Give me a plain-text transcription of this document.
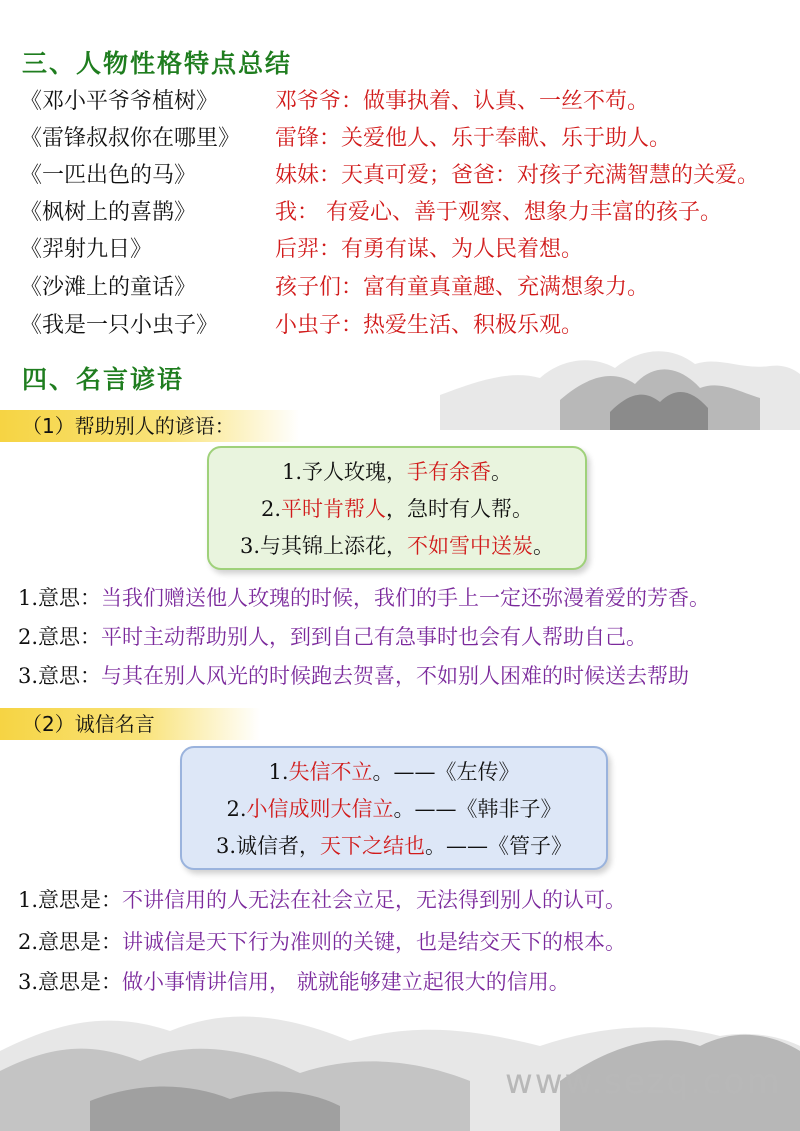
三、人物性格特点总结
《邓小平爷爷植树》	邓爷爷：做事执着、认真、一丝不苟。
《雷锋叔叔你在哪里》 雷锋：关爱他人、乐于奉献、乐于助人。
《一匹出色的马》	妹妹：天真可爱；爸爸：对孩子充满智慧的关爱。
《枫树上的喜鹊》	我： 有爱心、善于观察、想象力丰富的孩子。
《羿射九日》	后羿：有勇有谋、为人民着想。
《沙滩上的童话》	孩子们：富有童真童趣、充满想象力。
《我是一只小虫子》	小虫子：热爱生活、积极乐观。
四、名言谚语
（1）帮助别人的谚语：
1.予人玫瑰，手有余香。
2.平时肯帮人，急时有人帮。
3.与其锦上添花，不如雪中送炭。
1.意思：当我们赠送他人玫瑰的时候，我们的手上一定还弥漫着爱的芳香。
2.意思：平时主动帮助别人，到到自己有急事时也会有人帮助自己。
3.意思：与其在别人风光的时候跑去贺喜，不如别人困难的时候送去帮助
（2）诚信名言
1.失信不立。——《左传》
2.小信成则大信立。——《韩非子》
3.诚信者，天下之结也。——《管子》
1.意思是：不讲信用的人无法在社会立足，无法得到别人的认可。
2.意思是：讲诚信是天下行为准则的关键，也是结交天下的根本。
3.意思是：做小事情讲信用， 就就能够建立起很大的信用。
www.sezq.com
